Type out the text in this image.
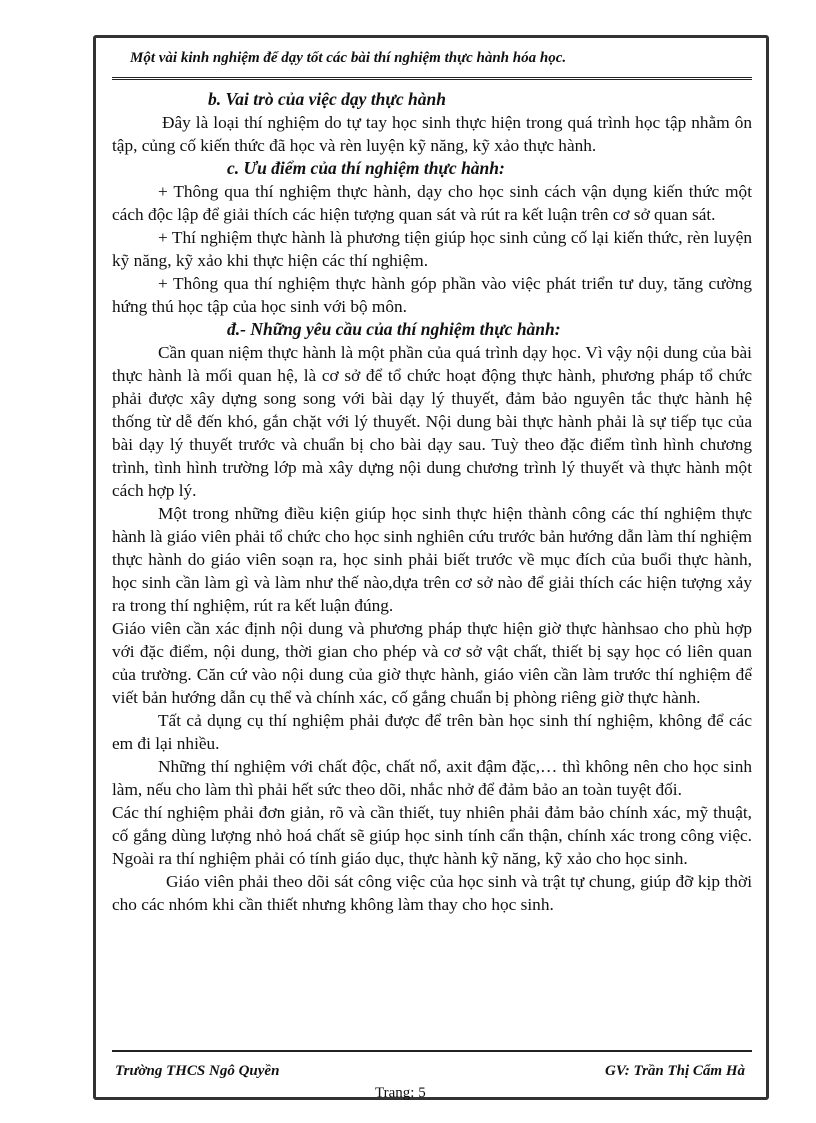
Một vài kinh nghiệm để dạy tốt các bài thí nghiệm thực hành hóa học.

b. Vai trò của việc dạy thực hành

Đây là loại thí nghiệm do tự tay học sinh thực hiện trong quá trình học tập nhằm ôn tập, củng cố kiến thức đã học và rèn luyện kỹ năng, kỹ xảo thực hành.

c. Ưu điểm của thí nghiệm thực hành:

+ Thông qua thí nghiệm thực hành, dạy cho học sinh cách vận dụng kiến thức một cách độc lập để giải thích các hiện tượng quan sát và rút ra kết luận trên cơ sở quan sát.

+ Thí nghiệm thực hành là phương tiện giúp học sinh củng cố lại kiến thức, rèn luyện kỹ năng, kỹ xảo khi thực hiện các thí nghiệm.

+ Thông qua thí nghiệm thực hành góp phần vào việc phát triển tư duy, tăng cường hứng thú học tập của học sinh với bộ môn.

đ.- Những yêu cầu của thí nghiệm thực hành:

Cần quan niệm thực hành là một phần của quá trình dạy học. Vì vậy nội dung của bài thực hành là mối quan hệ, là cơ sở để tổ chức hoạt động thực hành, phương pháp tổ chức phải được xây dựng song song với bài dạy lý thuyết, đảm bảo nguyên tắc thực hành hệ thống từ dễ đến khó, gắn chặt với lý thuyết. Nội dung bài thực hành phải là sự tiếp tục của bài dạy lý thuyết trước và chuẩn bị cho bài dạy sau. Tuỳ theo đặc điểm tình hình chương trình, tình hình trường lớp mà xây dựng nội dung chương trình lý thuyết và thực hành một cách hợp lý.

Một trong những điều kiện giúp học sinh thực hiện thành công các thí nghiệm thực hành là giáo viên phải tổ chức cho học sinh nghiên cứu trước bản hướng dẫn làm thí nghiệm thực hành do giáo viên soạn ra, học sinh phải biết trước về mục đích của buổi thực hành, học sinh cần làm gì và làm như thế nào,dựa trên cơ sở nào để giải thích các hiện tượng xảy ra trong thí nghiệm, rút ra kết luận đúng.

Giáo viên cần xác định nội dung và phương pháp thực hiện giờ thực hànhsao cho phù hợp với đặc điểm, nội dung, thời gian cho phép và cơ sở vật chất, thiết bị sạy học có liên quan của trường. Căn cứ vào nội dung của giờ thực hành, giáo viên cần làm trước thí nghiệm để viết bản hướng dẫn cụ thể và chính xác, cố gắng chuẩn bị phòng riêng giờ thực hành.

Tất cả dụng cụ thí nghiệm phải được để trên bàn học sinh thí nghiệm, không để các em đi lại nhiều.

Những thí nghiệm với chất độc, chất nổ, axit đậm đặc,… thì không nên cho học sinh làm, nếu cho làm thì phải hết sức theo dõi, nhắc nhở để đảm bảo an toàn tuyệt đối.

Các thí nghiệm phải đơn giản, rõ và cần thiết, tuy nhiên phải đảm bảo chính xác, mỹ thuật, cố gắng dùng lượng nhỏ hoá chất sẽ giúp học sinh tính cẩn thận, chính xác trong công việc. Ngoài ra thí nghiệm phải có tính giáo dục, thực hành kỹ năng, kỹ xảo cho học sinh.

Giáo viên phải theo dõi sát công việc của học sinh và trật tự chung, giúp đỡ kịp thời cho các nhóm khi cần thiết nhưng không làm thay cho học sinh.

Trường THCS Ngô Quyền	GV: Trần Thị Cẩm Hà
Trang: 5
